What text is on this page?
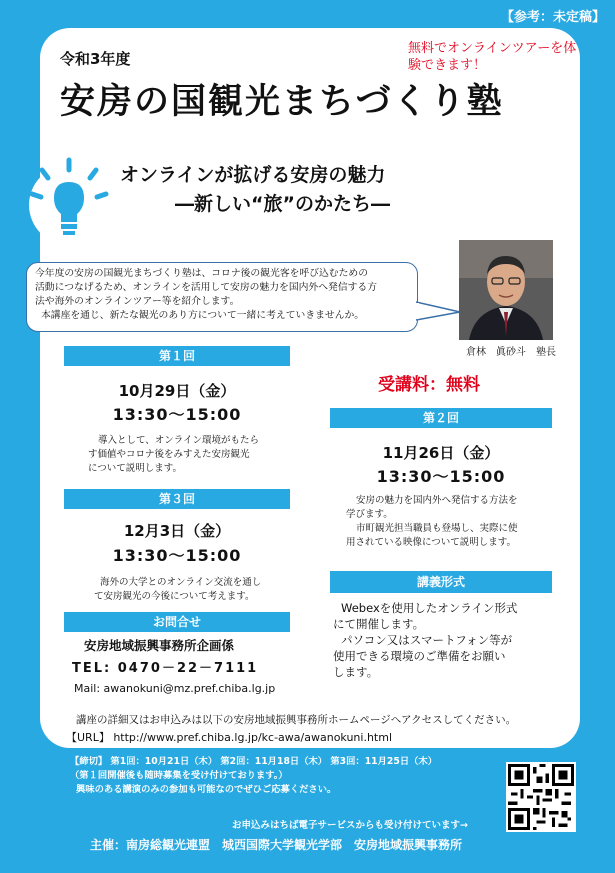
【参考：未定稿】
令和3年度
安房の国観光まちづくり塾
無料でオンラインツアーを体験できます！
オンラインが拡げる安房の魅力
―新しい“旅”のかたち―

今年度の安房の国観光まちづくり塾は、コロナ後の観光客を呼び込むための

活動につなげるため、オンラインを活用して安房の魅力を国内外へ発信する方

法や海外のオンラインツアー等を紹介します。

本講座を通じ、新たな観光のあり方について一緒に考えていきませんか。

倉林　眞砂斗　塾長
第１回
10月29日（金）
13:30～15:00
導入として、オンライン環境がもたら
す価値やコロナ後をみすえた安房観光
について説明します。
受講料：無料
第２回
11月26日（金）
13:30～15:00
安房の魅力を国内外へ発信する方法を
学びます。
市町観光担当職員も登場し、実際に使
用されている映像について説明します。
第３回
12月3日（金）
13:30～15:00
海外の大学とのオンライン交流を通し
て安房観光の今後について考えます。
講義形式
Webexを使用したオンライン形式
にて開催します。
パソコン又はスマートフォン等が
使用できる環境のご準備をお願い
します。
お問合せ
安房地域振興事務所企画係
TEL: 0470－22－7111
Mail: awanokuni@mz.pref.chiba.lg.jp
講座の詳細又はお申込みは以下の安房地域振興事務所ホームページへアクセスしてください。
【URL】 http://www.pref.chiba.lg.jp/kc-awa/awanokuni.html
【締切】 第1回：10月21日（木） 第2回：11月18日（木） 第3回：11月25日（木）
（第１回開催後も随時募集を受け付けております。）
興味のある講演のみの参加も可能なのでぜひご応募ください。
お申込みはちば電子サービスからも受け付けています→
主催：南房総観光連盟　城西国際大学観光学部　安房地域振興事務所
